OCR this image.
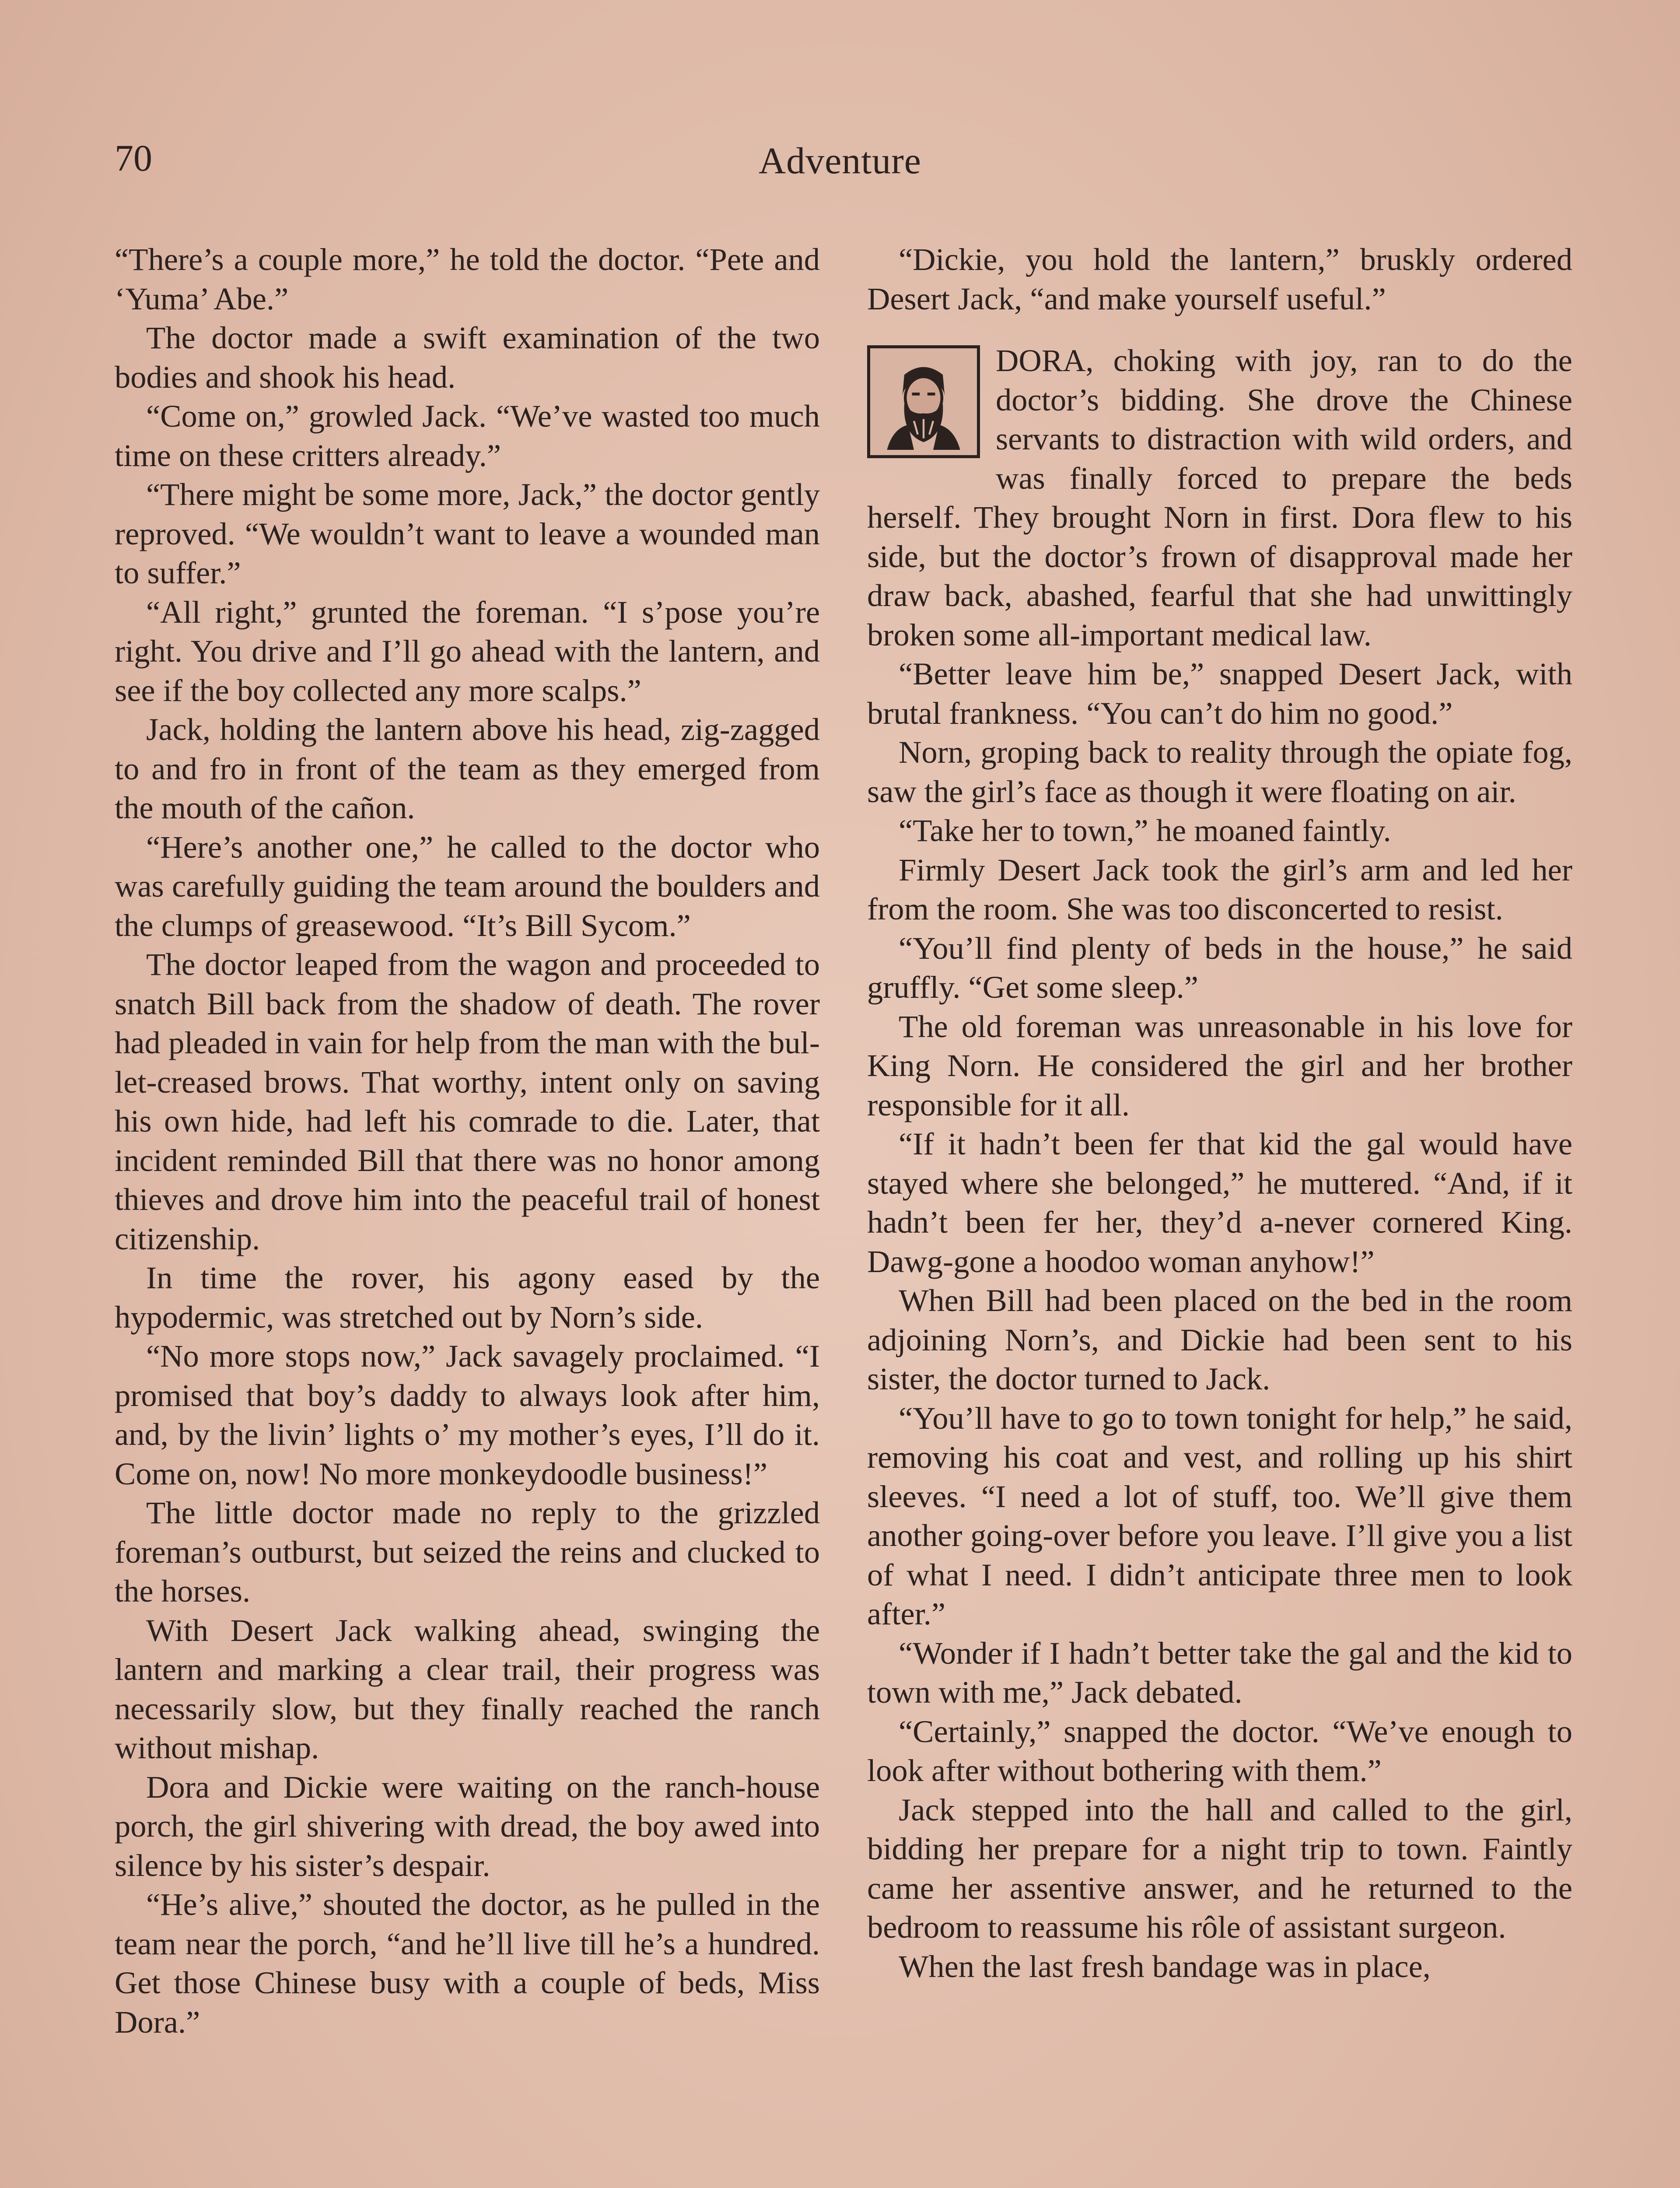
70	Adventure

“There’s a couple more,” he told the doctor. “Pete and ‘Yuma’ Abe.”

The doctor made a swift examination of the two bodies and shook his head.

“Come on,” growled Jack. “We’ve wasted too much time on these critters already.”

“There might be some more, Jack,” the doctor gently reproved. “We wouldn’t want to leave a wounded man to suffer.”

“All right,” grunted the foreman. “I s’pose you’re right. You drive and I’ll go ahead with the lantern, and see if the boy collected any more scalps.”

Jack, holding the lantern above his head, zig-zagged to and fro in front of the team as they emerged from the mouth of the cañon.

“Here’s another one,” he called to the doctor who was carefully guiding the team around the boulders and the clumps of greasewood. “It’s Bill Sycom.”

The doctor leaped from the wagon and proceeded to snatch Bill back from the shadow of death. The rover had pleaded in vain for help from the man with the bullet-creased brows. That worthy, intent only on saving his own hide, had left his comrade to die. Later, that incident reminded Bill that there was no honor among thieves and drove him into the peaceful trail of honest citizenship.

In time the rover, his agony eased by the hypodermic, was stretched out by Norn’s side.

“No more stops now,” Jack savagely proclaimed. “I promised that boy’s daddy to always look after him, and, by the livin’ lights o’ my mother’s eyes, I’ll do it. Come on, now! No more monkeydoodle business!”

The little doctor made no reply to the grizzled foreman’s outburst, but seized the reins and clucked to the horses.

With Desert Jack walking ahead, swinging the lantern and marking a clear trail, their progress was necessarily slow, but they finally reached the ranch without mishap.

Dora and Dickie were waiting on the ranch-house porch, the girl shivering with dread, the boy awed into silence by his sister’s despair.

“He’s alive,” shouted the doctor, as he pulled in the team near the porch, “and he’ll live till he’s a hundred. Get those Chinese busy with a couple of beds, Miss Dora.”

“Dickie, you hold the lantern,” bruskly ordered Desert Jack, “and make yourself useful.”

DORA, choking with joy, ran to do the doctor’s bidding. She drove the Chinese servants to distraction with wild orders, and was finally forced to prepare the beds herself. They brought Norn in first. Dora flew to his side, but the doctor’s frown of disapproval made her draw back, abashed, fearful that she had unwittingly broken some all-important medical law.

“Better leave him be,” snapped Desert Jack, with brutal frankness. “You can’t do him no good.”

Norn, groping back to reality through the opiate fog, saw the girl’s face as though it were floating on air.

“Take her to town,” he moaned faintly.

Firmly Desert Jack took the girl’s arm and led her from the room. She was too disconcerted to resist.

“You’ll find plenty of beds in the house,” he said gruffly. “Get some sleep.”

The old foreman was unreasonable in his love for King Norn. He considered the girl and her brother responsible for it all.

“If it hadn’t been fer that kid the gal would have stayed where she belonged,” he muttered. “And, if it hadn’t been fer her, they’d a-never cornered King. Dawg-gone a hoodoo woman anyhow!”

When Bill had been placed on the bed in the room adjoining Norn’s, and Dickie had been sent to his sister, the doctor turned to Jack.

“You’ll have to go to town tonight for help,” he said, removing his coat and vest, and rolling up his shirt sleeves. “I need a lot of stuff, too. We’ll give them another going-over before you leave. I’ll give you a list of what I need. I didn’t anticipate three men to look after.”

“Wonder if I hadn’t better take the gal and the kid to town with me,” Jack debated.

“Certainly,” snapped the doctor. “We’ve enough to look after without bothering with them.”

Jack stepped into the hall and called to the girl, bidding her prepare for a night trip to town. Faintly came her assentive answer, and he returned to the bedroom to reassume his rôle of assistant surgeon.

When the last fresh bandage was in place,
